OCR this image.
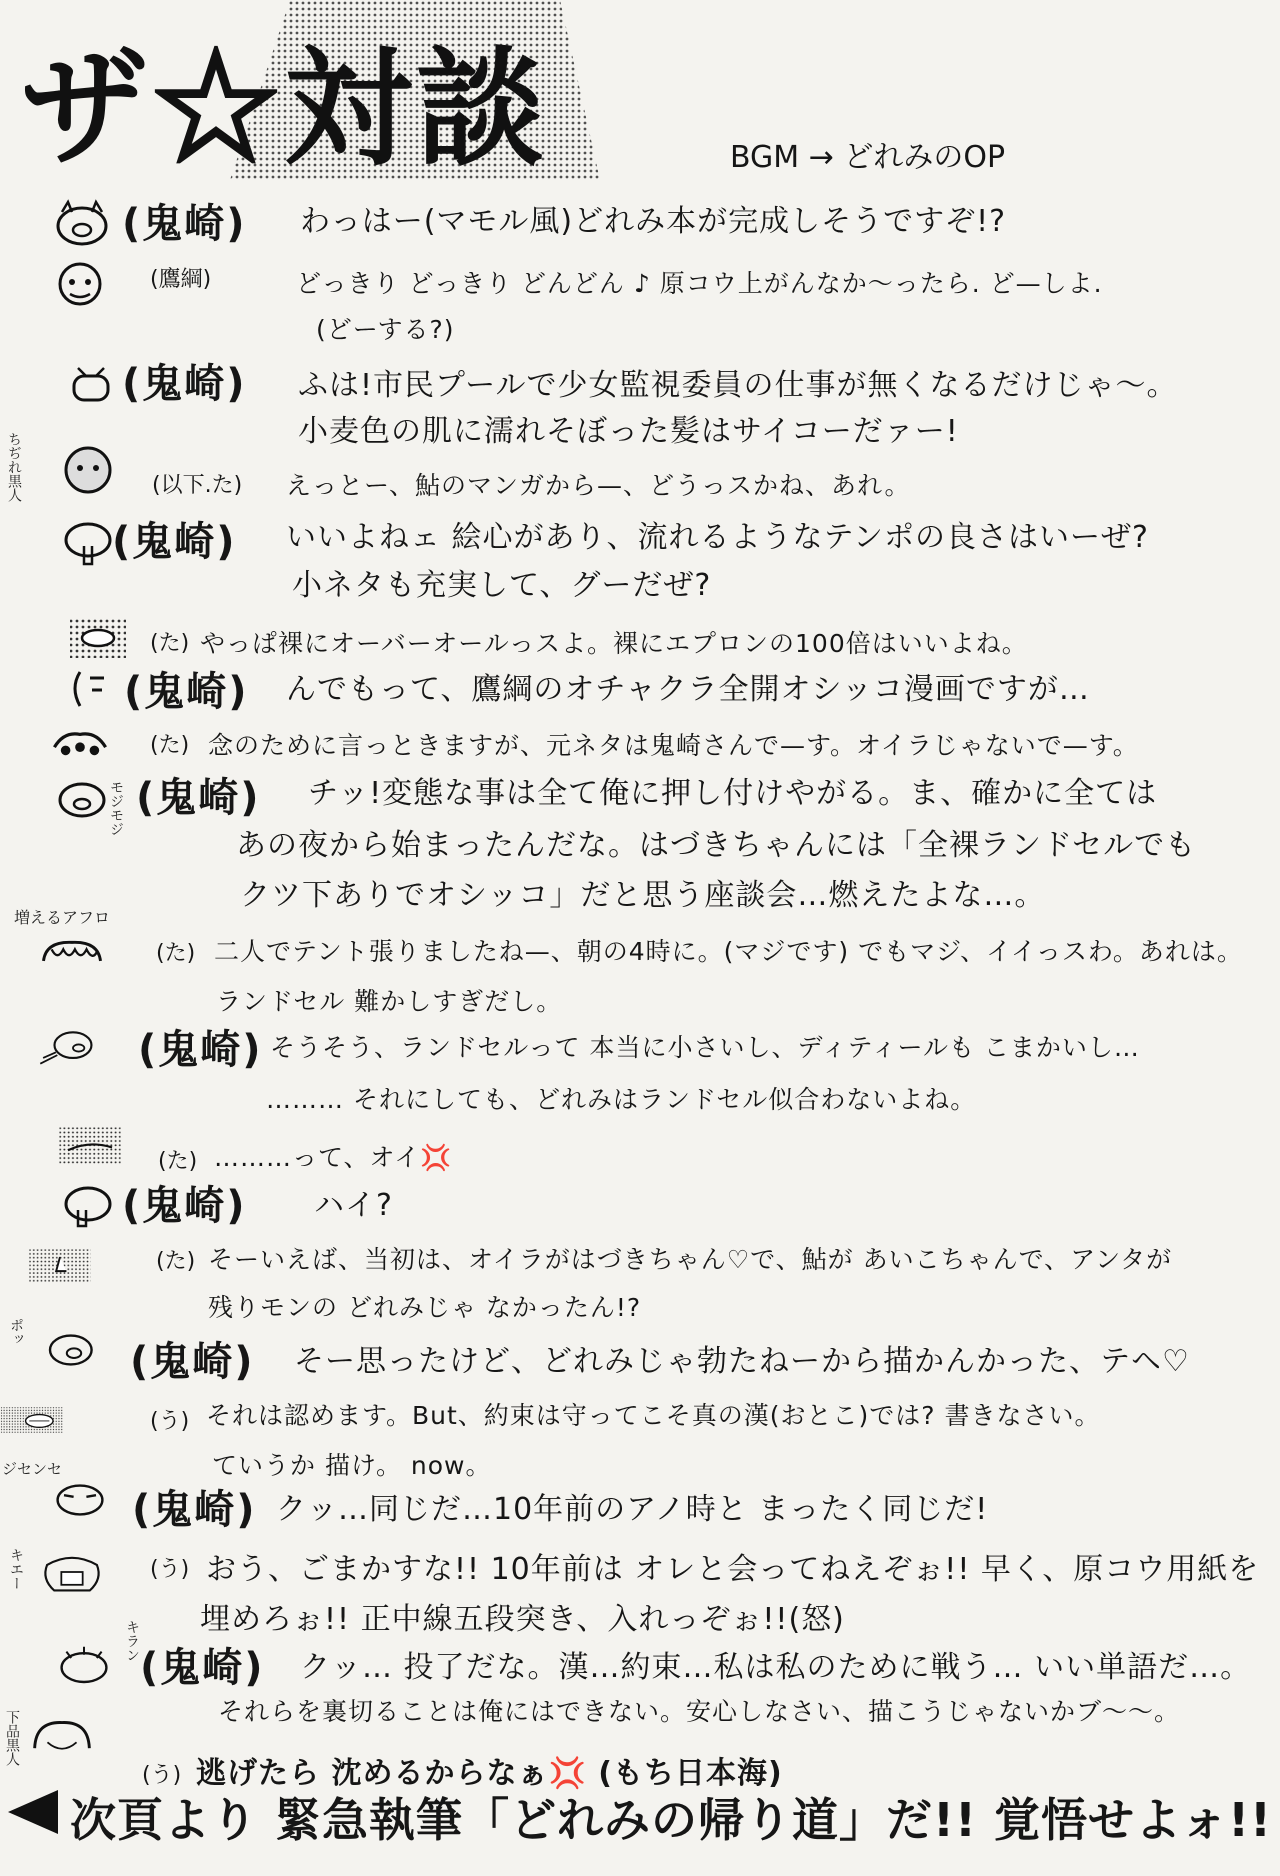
ザ☆対談	BGM → どれみのOP
ちぢれ黒人
モジモジ
増えるアフロ
ポッ
ジセンセ
キエー
キラン
下品黒人
(鬼崎) わっはー(マモル風)どれみ本が完成しそうですぞ!?
(鷹綱)	どっきり どっきり どんどん ♪ 原コウ上がんなか〜ったら. ど—しよ.
(どーする?)
(鬼崎) ふは!市民プールで少女監視委員の仕事が無くなるだけじゃ〜。
小麦色の肌に濡れそぼった髪はサイコーだァー!
(以下.た) えっとー、鮎のマンガから—、どうっスかね、あれ。
(鬼崎) いいよねェ 絵心があり、流れるようなテンポの良さはいーぜ?
小ネタも充実して、グーだぜ?
(た) やっぱ裸にオーバーオールっスよ。裸にエプロンの100倍はいいよね。
(鬼崎) んでもって、鷹綱のオチャクラ全開オシッコ漫画ですが…
(た) 念のために言っときますが、元ネタは鬼崎さんで—す。オイラじゃないで—す。
(鬼崎) チッ!変態な事は全て俺に押し付けやがる。ま、確かに全ては
あの夜から始まったんだな。はづきちゃんには「全裸ランドセルでも
クツ下ありでオシッコ」だと思う座談会…燃えたよな…。
(た) 二人でテント張りましたね—、朝の4時に。(マジです) でもマジ、イイっスわ。あれは。
ランドセル 難かしすぎだし。
(鬼崎) そうそう、ランドセルって 本当に小さいし、ディティールも こまかいし…
……… それにしても、どれみはランドセル似合わないよね。
(た) ………って、オイ💢
(鬼崎) ハイ?
(た) そーいえば、当初は、オイラがはづきちゃん♡で、鮎が あいこちゃんで、アンタが
残りモンの どれみじゃ なかったん!?
(鬼崎) そー思ったけど、どれみじゃ勃たねーから描かんかった、テヘ♡
(う) それは認めます。But、約束は守ってこそ真の漢(おとこ)では? 書きなさい。
ていうか 描け。 now。
(鬼崎) クッ…同じだ…10年前のアノ時と まったく同じだ!
(う) おう、ごまかすな!! 10年前は オレと会ってねえぞぉ!! 早く、原コウ用紙を
埋めろぉ!! 正中線五段突き、入れっぞぉ!!(怒)
(鬼崎) クッ… 投了だな。漢…約束…私は私のために戦う… いい単語だ…。
それらを裏切ることは俺にはできない。安心しなさい、描こうじゃないかブ〜〜。
(う) 逃げたら 沈めるからなぁ💢 (もち日本海)
次頁より 緊急執筆「どれみの帰り道」だ!! 覚悟せよォ!!
